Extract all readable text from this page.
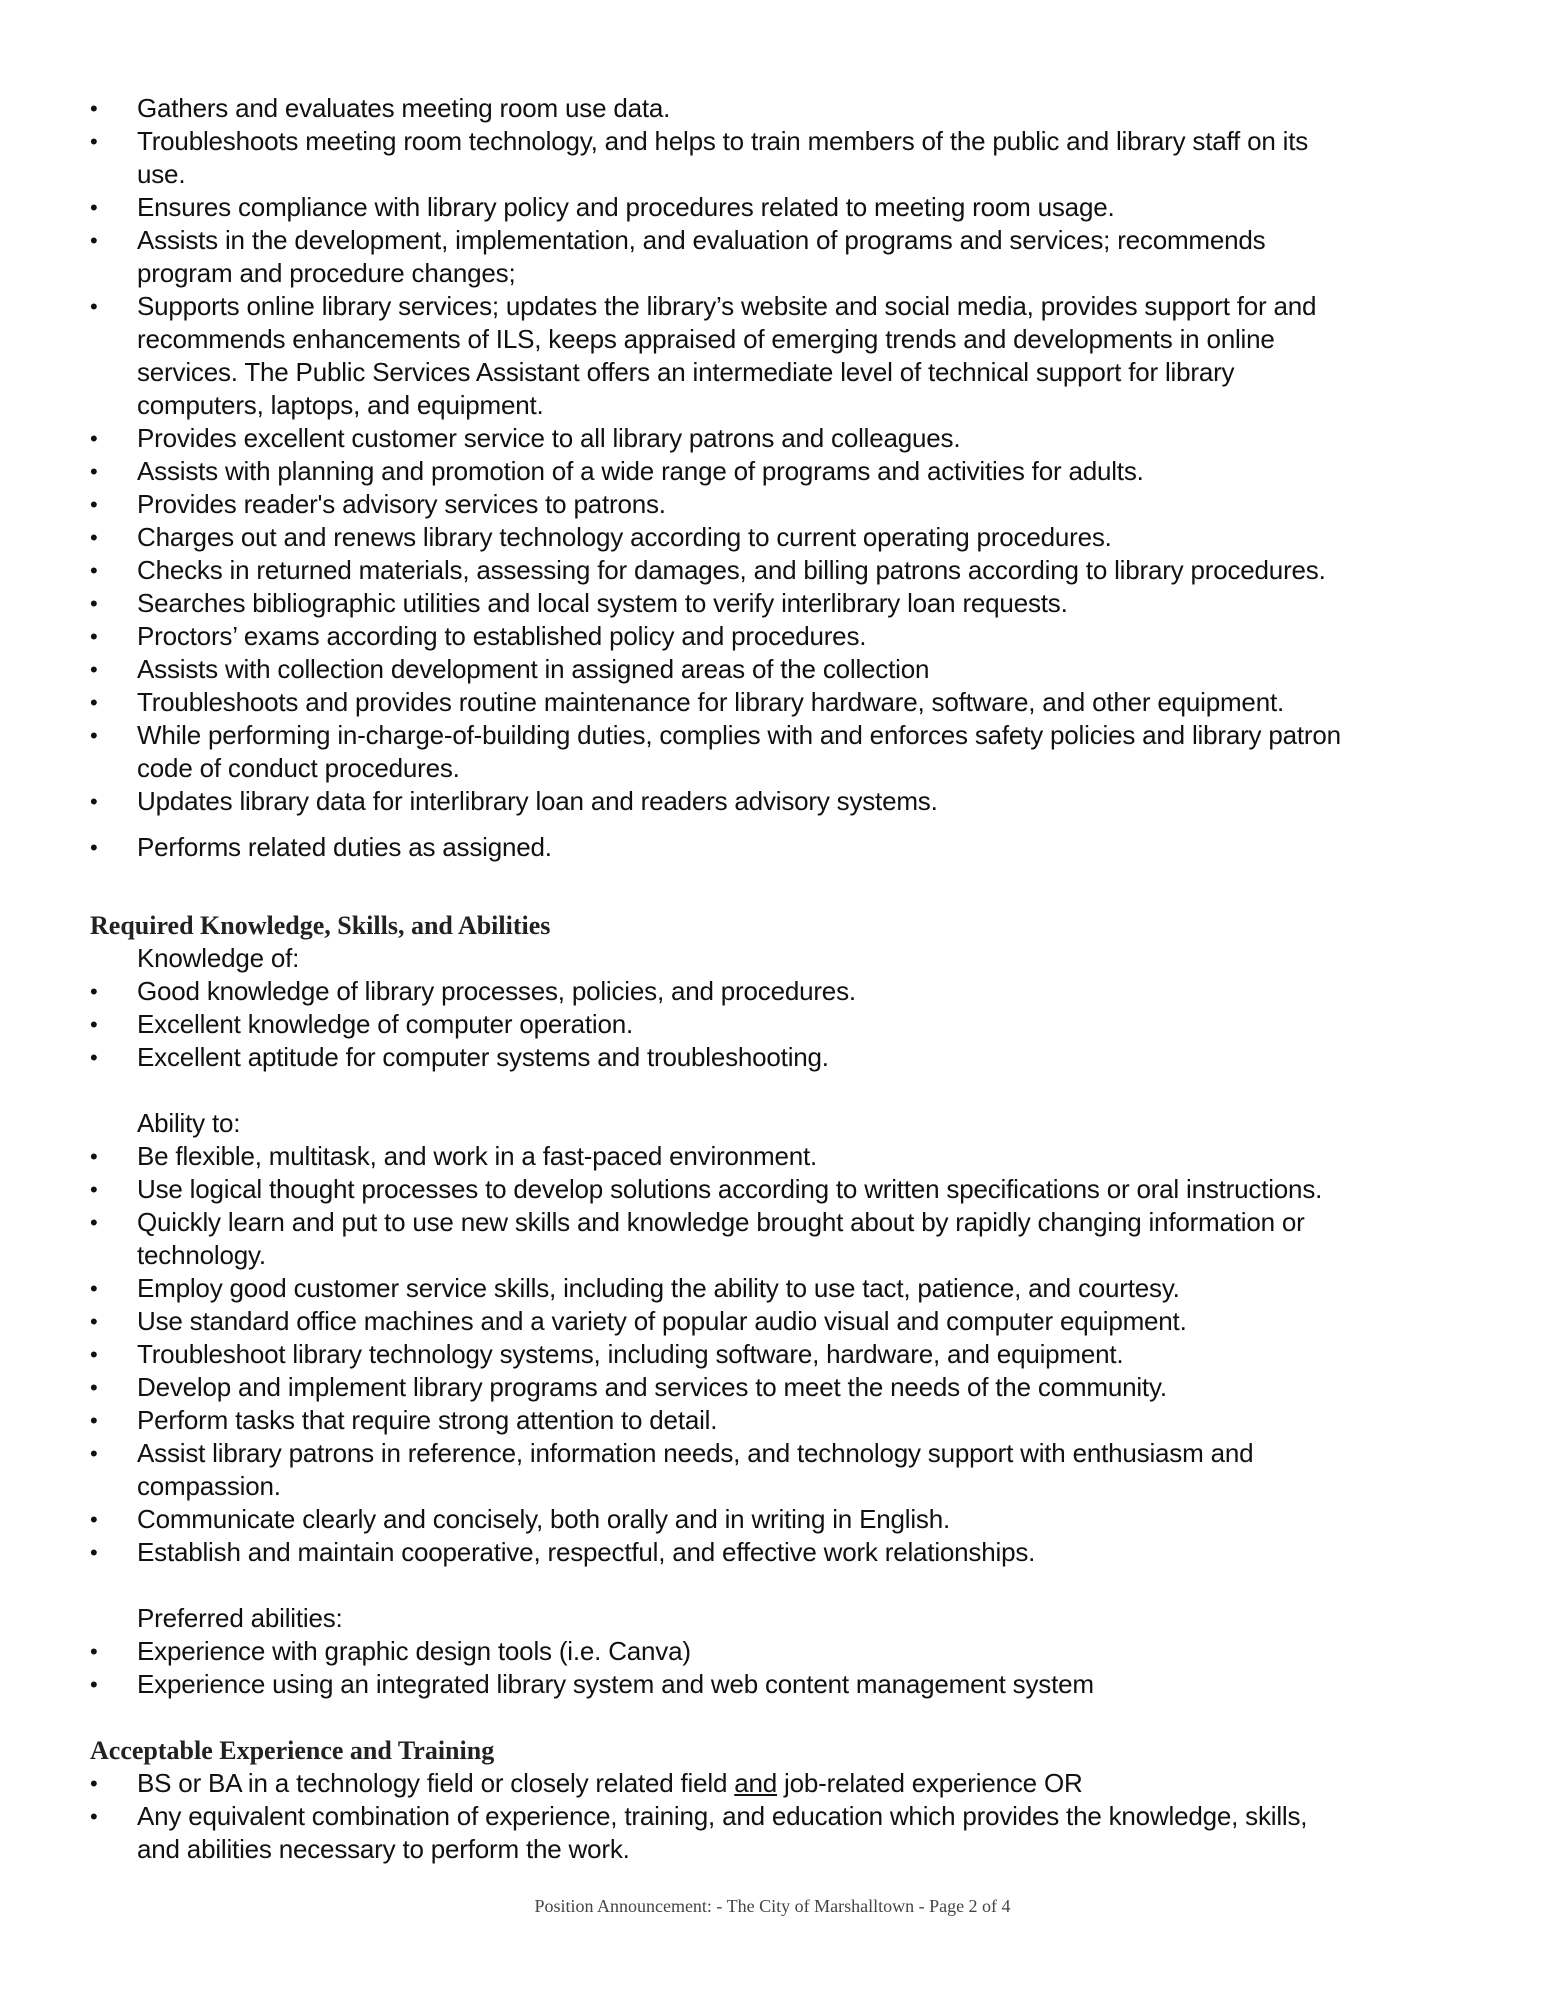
• Gathers and evaluates meeting room use data.
• Troubleshoots meeting room technology, and helps to train members of the public and library staff on its
use.
• Ensures compliance with library policy and procedures related to meeting room usage.
• Assists in the development, implementation, and evaluation of programs and services; recommends
program and procedure changes;
• Supports online library services; updates the library’s website and social media, provides support for and
recommends enhancements of ILS, keeps appraised of emerging trends and developments in online
services. The Public Services Assistant offers an intermediate level of technical support for library
computers, laptops, and equipment.
• Provides excellent customer service to all library patrons and colleagues.
• Assists with planning and promotion of a wide range of programs and activities for adults.
• Provides reader's advisory services to patrons.
• Charges out and renews library technology according to current operating procedures.
• Checks in returned materials, assessing for damages, and billing patrons according to library procedures.
• Searches bibliographic utilities and local system to verify interlibrary loan requests.
• Proctors’ exams according to established policy and procedures.
• Assists with collection development in assigned areas of the collection
• Troubleshoots and provides routine maintenance for library hardware, software, and other equipment.
• While performing in-charge-of-building duties, complies with and enforces safety policies and library patron
code of conduct procedures.
• Updates library data for interlibrary loan and readers advisory systems.
• Performs related duties as assigned.
Required Knowledge, Skills, and Abilities
Knowledge of:
• Good knowledge of library processes, policies, and procedures.
• Excellent knowledge of computer operation.
• Excellent aptitude for computer systems and troubleshooting.
Ability to:
• Be flexible, multitask, and work in a fast-paced environment.
• Use logical thought processes to develop solutions according to written specifications or oral instructions.
• Quickly learn and put to use new skills and knowledge brought about by rapidly changing information or
technology.
• Employ good customer service skills, including the ability to use tact, patience, and courtesy.
• Use standard office machines and a variety of popular audio visual and computer equipment.
• Troubleshoot library technology systems, including software, hardware, and equipment.
• Develop and implement library programs and services to meet the needs of the community.
• Perform tasks that require strong attention to detail.
• Assist library patrons in reference, information needs, and technology support with enthusiasm and
compassion.
• Communicate clearly and concisely, both orally and in writing in English.
• Establish and maintain cooperative, respectful, and effective work relationships.
Preferred abilities:
• Experience with graphic design tools (i.e. Canva)
• Experience using an integrated library system and web content management system
Acceptable Experience and Training
• BS or BA in a technology field or closely related field and job-related experience OR
• Any equivalent combination of experience, training, and education which provides the knowledge, skills,
and abilities necessary to perform the work.
Position Announcement: - The City of Marshalltown - Page 2 of 4
